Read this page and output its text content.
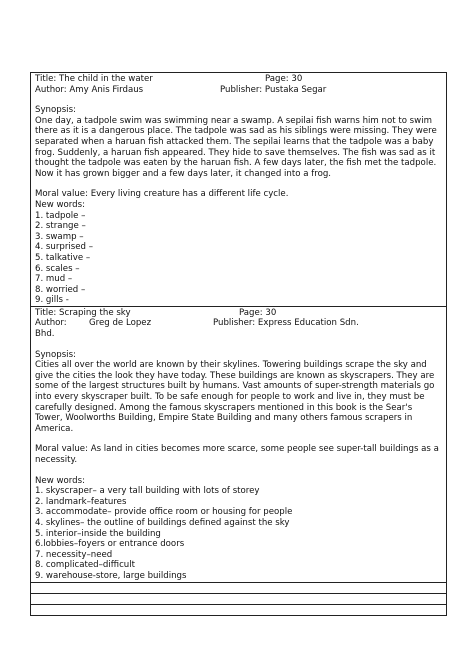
Title: The child in the water	Page: 30
Author: Amy Anis Firdaus	Publisher: Pustaka Segar

Synopsis:

One day, a tadpole swim was swimming near a swamp. A sepilai fish warns him not to swim there as it is a dangerous place. The tadpole was sad as his siblings were missing. They were separated when a haruan fish attacked them. The sepilai learns that the tadpole was a baby frog. Suddenly, a haruan fish appeared. They hide to save themselves. The fish was sad as it thought the tadpole was eaten by the haruan fish. A few days later, the fish met the tadpole. Now it has grown bigger and a few days later, it changed into a frog.

Moral value: Every living creature has a different life cycle.

New words:

1. tadpole –
2. strange –
3. swamp –
4. surprised –
5. talkative –
6. scales –
7. mud –
8. worried –
9. gills -
Title: Scraping the sky	Page: 30
Author:	Greg de Lopez	Publisher: Express Education Sdn.

Bhd.

Synopsis:

Cities all over the world are known by their skylines. Towering buildings scrape the sky and give the cities the look they have today. These buildings are known as skyscrapers. They are some of the largest structures built by humans. Vast amounts of super-strength materials go into every skyscraper built. To be safe enough for people to work and live in, they must be carefully designed. Among the famous skyscrapers mentioned in this book is the Sear's Tower, Woolworths Building, Empire State Building and many others famous scrapers in America.

Moral value: As land in cities becomes more scarce, some people see super-tall buildings as a necessity.

New words:

1. skyscraper– a very tall building with lots of storey
2. landmark–features
3. accommodate– provide office room or housing for people
4. skylines– the outline of buildings defined against the sky
5. interior–inside the building
6.lobbies–foyers or entrance doors
7. necessity–need
8. complicated–difficult
9. warehouse-store, large buildings
